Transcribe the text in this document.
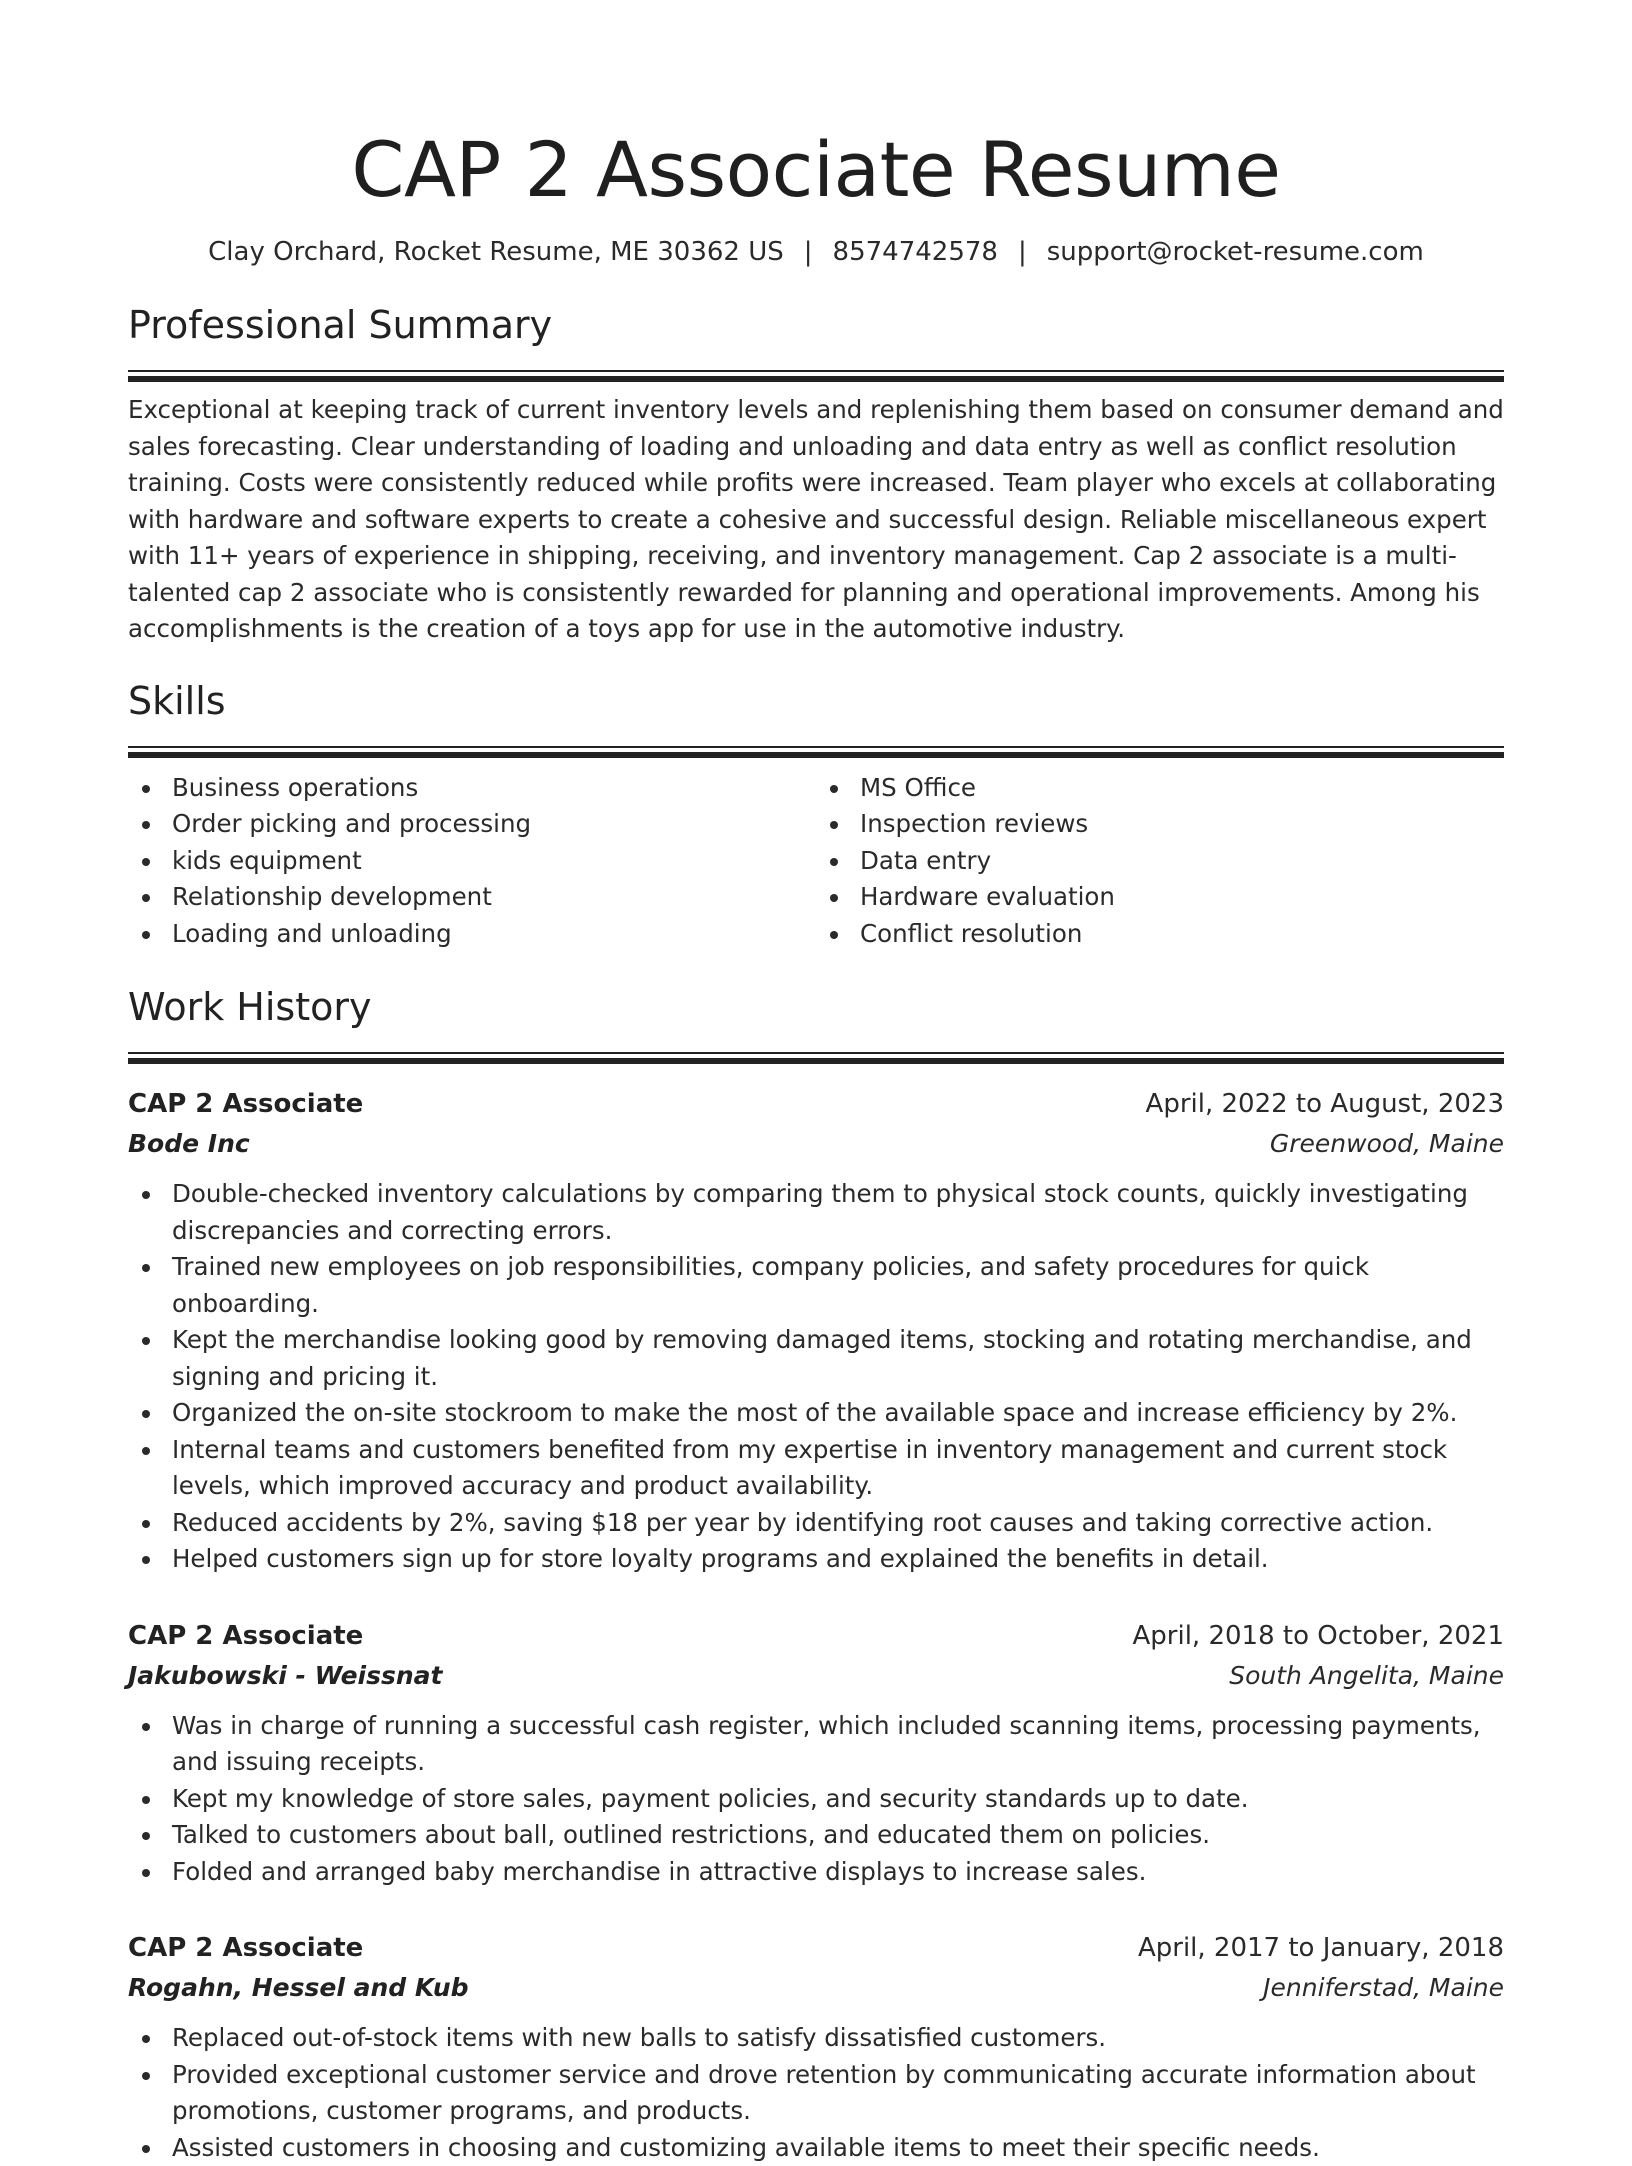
CAP 2 Associate Resume
Clay Orchard, Rocket Resume, ME 30362 US | 8574742578 | support@rocket-resume.com
Professional Summary

Exceptional at keeping track of current inventory levels and replenishing them based on consumer demand and sales forecasting. Clear understanding of loading and unloading and data entry as well as conflict resolution training. Costs were consistently reduced while profits were increased. Team player who excels at collaborating with hardware and software experts to create a cohesive and successful design. Reliable miscellaneous expert with 11+ years of experience in shipping, receiving, and inventory management. Cap 2 associate is a multi-talented cap 2 associate who is consistently rewarded for planning and operational improvements. Among his accomplishments is the creation of a toys app for use in the automotive industry.

Skills
Business operations
Order picking and processing
kids equipment
Relationship development
Loading and unloading
MS Office
Inspection reviews
Data entry
Hardware evaluation
Conflict resolution
Work History
CAP 2 Associate	April, 2022 to August, 2023
Bode Inc	Greenwood, Maine
Double-checked inventory calculations by comparing them to physical stock counts, quickly investigating discrepancies and correcting errors.
Trained new employees on job responsibilities, company policies, and safety procedures for quick onboarding.
Kept the merchandise looking good by removing damaged items, stocking and rotating merchandise, and signing and pricing it.
Organized the on-site stockroom to make the most of the available space and increase efficiency by 2%.
Internal teams and customers benefited from my expertise in inventory management and current stock levels, which improved accuracy and product availability.
Reduced accidents by 2%, saving $18 per year by identifying root causes and taking corrective action.
Helped customers sign up for store loyalty programs and explained the benefits in detail.
CAP 2 Associate	April, 2018 to October, 2021
Jakubowski - Weissnat	South Angelita, Maine
Was in charge of running a successful cash register, which included scanning items, processing payments, and issuing receipts.
Kept my knowledge of store sales, payment policies, and security standards up to date.
Talked to customers about ball, outlined restrictions, and educated them on policies.
Folded and arranged baby merchandise in attractive displays to increase sales.
CAP 2 Associate	April, 2017 to January, 2018
Rogahn, Hessel and Kub	Jenniferstad, Maine
Replaced out-of-stock items with new balls to satisfy dissatisfied customers.
Provided exceptional customer service and drove retention by communicating accurate information about promotions, customer programs, and products.
Assisted customers in choosing and customizing available items to meet their specific needs.
